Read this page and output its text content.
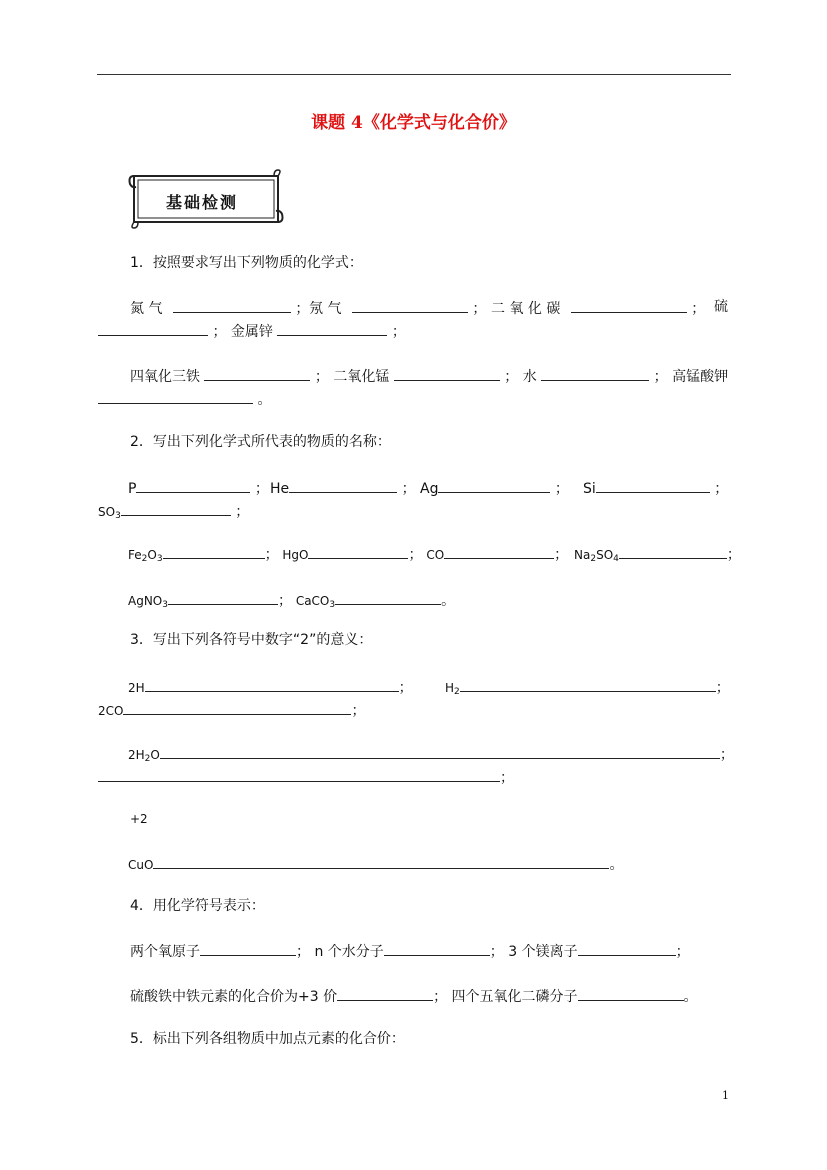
课题 4《化学式与化合价》
基础检测
1．按照要求写出下列物质的化学式：
氮 气	； 氖 气	； 二 氧 化 碳	； 硫
； 金属锌	；
四氧化三铁	； 二氧化锰	； 水	； 高锰酸钾
。
2．写出下列化学式所代表的物质的名称：
P	； He	； Ag	； Si	；
$SO_3$	；
$Fe_2O_3$	； HgO	； CO	； $Na_2SO_4$	；
AgNO$_3$	； CaCO$_3$	。
3．写出下列各符号中数字“2”的意义：
2H	；	$H_2$	；
2CO	；
$2H_2O$	；
；
+2
CuO	。
4．用化学符号表示：
两个氧原子	； n 个水分子	； 3 个镁离子	；
硫酸铁中铁元素的化合价为+3 价	； 四个五氧化二磷分子	。
5．标出下列各组物质中加点元素的化合价：
1
